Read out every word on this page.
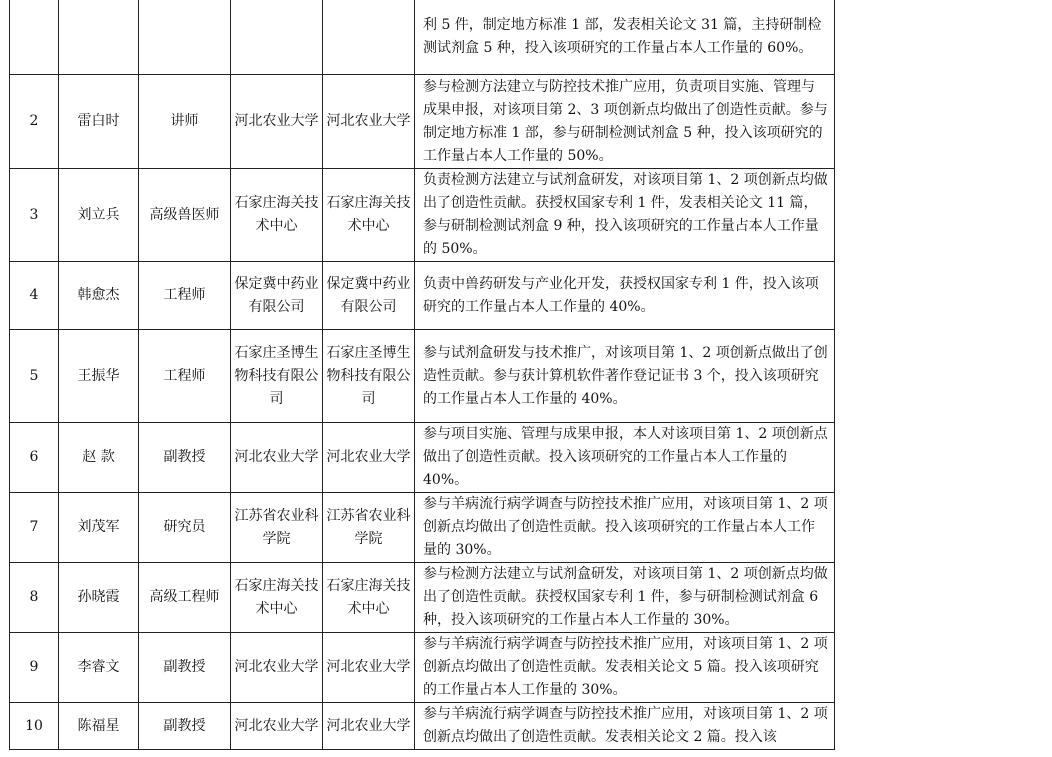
					利 5 件，制定地方标准 1 部，发表相关论文 31 篇，主持研制检测试剂盒 5 种，投入该项研究的工作量占本人工作量的 60%。
2	雷白时	讲师	河北农业大学	河北农业大学	参与检测方法建立与防控技术推广应用，负责项目实施、管理与成果申报，对该项目第 2、3 项创新点均做出了创造性贡献。参与制定地方标准 1 部，参与研制检测试剂盒 5 种，投入该项研究的工作量占本人工作量的 50%。
3	刘立兵	高级兽医师	石家庄海关技术中心	石家庄海关技术中心	负责检测方法建立与试剂盒研发，对该项目第 1、2 项创新点均做出了创造性贡献。获授权国家专利 1 件，发表相关论文 11 篇，参与研制检测试剂盒 9 种，投入该项研究的工作量占本人工作量的 50%。
4	韩愈杰	工程师	保定冀中药业有限公司	保定冀中药业有限公司	负责中兽药研发与产业化开发，获授权国家专利 1 件，投入该项研究的工作量占本人工作量的 40%。
5	王振华	工程师	石家庄圣博生物科技有限公司	石家庄圣博生物科技有限公司	参与试剂盒研发与技术推广，对该项目第 1、2 项创新点做出了创造性贡献。参与获计算机软件著作登记证书 3 个，投入该项研究的工作量占本人工作量的 40%。
6	赵 款	副教授	河北农业大学	河北农业大学	参与项目实施、管理与成果申报，本人对该项目第 1、2 项创新点做出了创造性贡献。投入该项研究的工作量占本人工作量的 40%。
7	刘茂军	研究员	江苏省农业科学院	江苏省农业科学院	参与羊病流行病学调查与防控技术推广应用，对该项目第 1、2 项创新点均做出了创造性贡献。投入该项研究的工作量占本人工作量的 30%。
8	孙晓霞	高级工程师	石家庄海关技术中心	石家庄海关技术中心	参与检测方法建立与试剂盒研发，对该项目第 1、2 项创新点均做出了创造性贡献。获授权国家专利 1 件，参与研制检测试剂盒 6 种，投入该项研究的工作量占本人工作量的 30%。
9	李睿文	副教授	河北农业大学	河北农业大学	参与羊病流行病学调查与防控技术推广应用，对该项目第 1、2 项创新点均做出了创造性贡献。发表相关论文 5 篇。投入该项研究的工作量占本人工作量的 30%。
10	陈福星	副教授	河北农业大学	河北农业大学	参与羊病流行病学调查与防控技术推广应用，对该项目第 1、2 项创新点均做出了创造性贡献。发表相关论文 2 篇。投入该
